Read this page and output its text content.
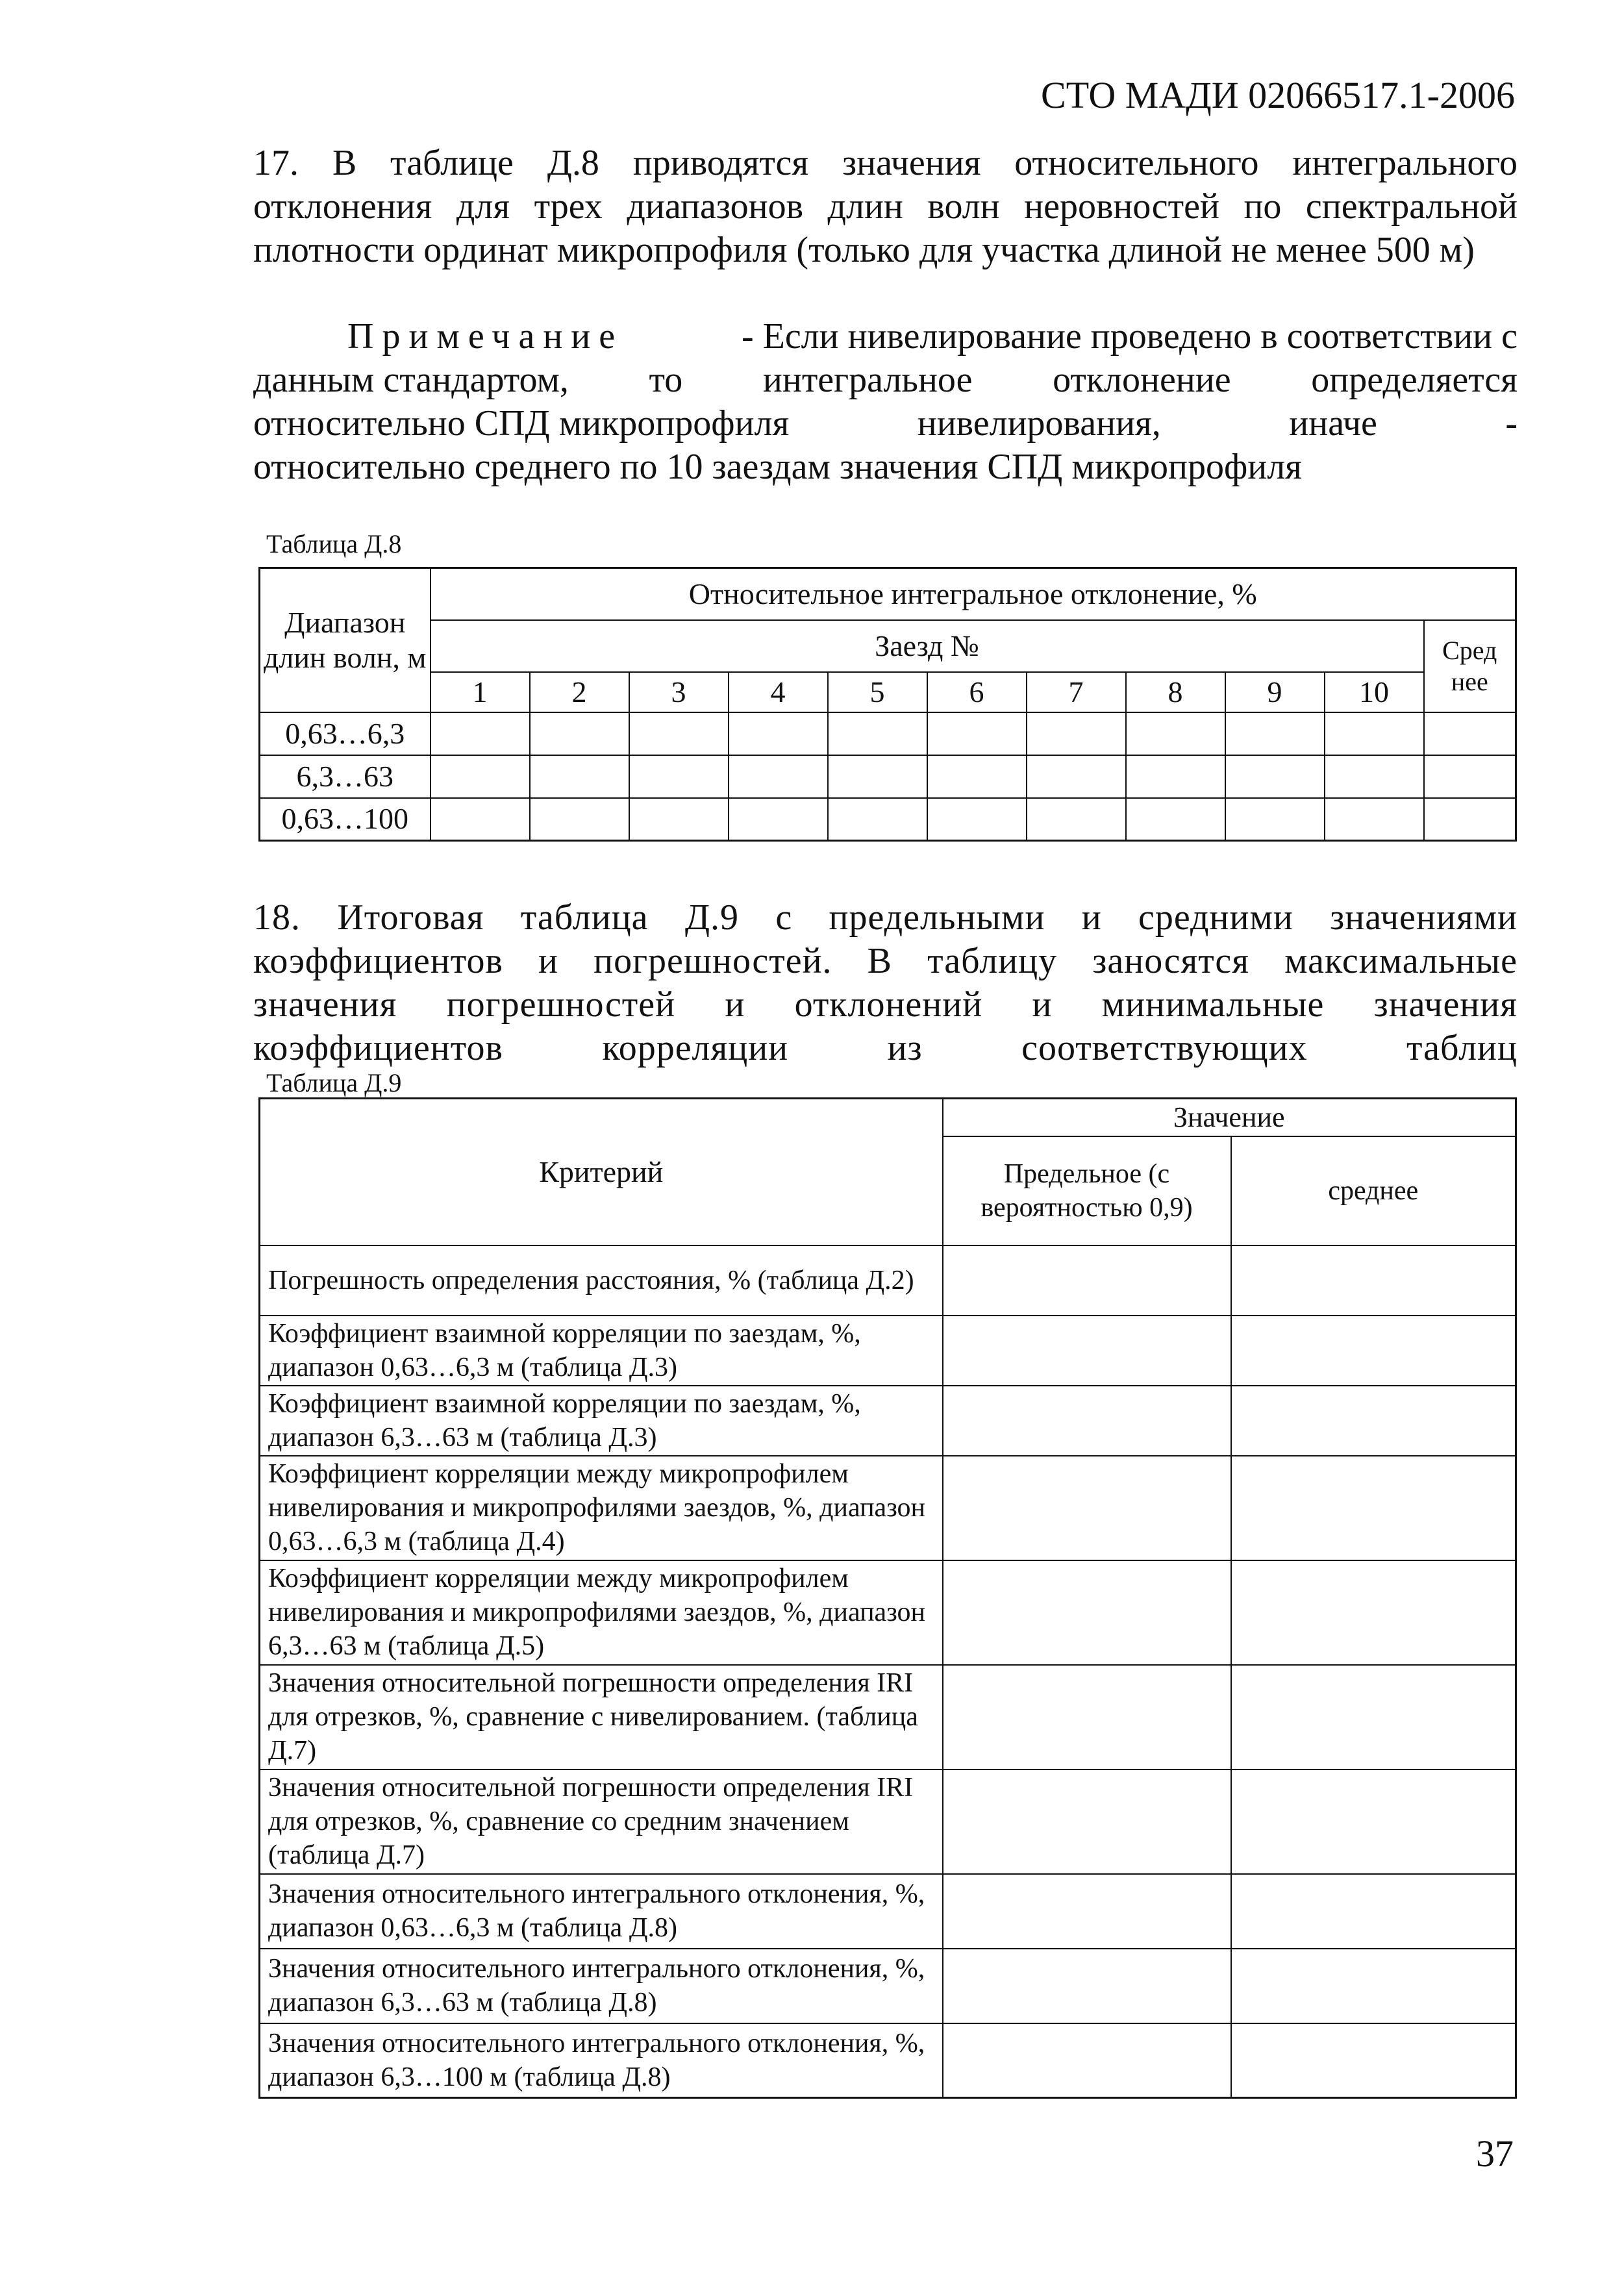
СТО МАДИ 02066517.1-2006
17. В таблице Д.8 приводятся значения относительного интегрального отклонения для трех диапазонов длин волн неровностей по спектральной плотности ординат микропрофиля (только для участка длиной не менее 500 м)
Примечание	- Если нивелирование проведено в соответствии с
данным стандартом, то интегральное отклонение определяется
относительно СПД микропрофиля	нивелирования,	иначе	-
относительно среднего по 10 заездам значения СПД микропрофиля
Таблица Д.8
Диапазон длин волн, м	Относительное интегральное отклонение, %										
	Заезд №										Сред нее
	1	2	3	4	5	6	7	8	9	10	
0,63…6,3											
6,3…63											
0,63…100											
18. Итоговая таблица Д.9 с предельными и средними значениями коэффициентов и погрешностей. В таблицу заносятся максимальные значения погрешностей и отклонений и минимальные значения коэффициентов корреляции из соответствующих таблиц
Таблица Д.9
Критерий	Значение	
	Предельное (с вероятностью 0,9)	среднее
Погрешность определения расстояния, % (таблица Д.2)		
Коэффициент взаимной корреляции по заездам, %, диапазон 0,63…6,3 м (таблица Д.3)		
Коэффициент взаимной корреляции по заездам, %, диапазон 6,3…63 м (таблица Д.3)		
Коэффициент корреляции между микропрофилем нивелирования и микропрофилями заездов, %, диапазон 0,63…6,3 м (таблица Д.4)		
Коэффициент корреляции между микропрофилем нивелирования и микропрофилями заездов, %, диапазон 6,3…63 м (таблица Д.5)		
Значения относительной погрешности определения IRI для отрезков, %, сравнение с нивелированием. (таблица Д.7)		
Значения относительной погрешности определения IRI для отрезков, %, сравнение со средним значением (таблица Д.7)		
Значения относительного интегрального отклонения, %, диапазон 0,63…6,3 м (таблица Д.8)		
Значения относительного интегрального отклонения, %, диапазон 6,3…63 м (таблица Д.8)		
Значения относительного интегрального отклонения, %, диапазон 6,3…100 м (таблица Д.8)		
37
